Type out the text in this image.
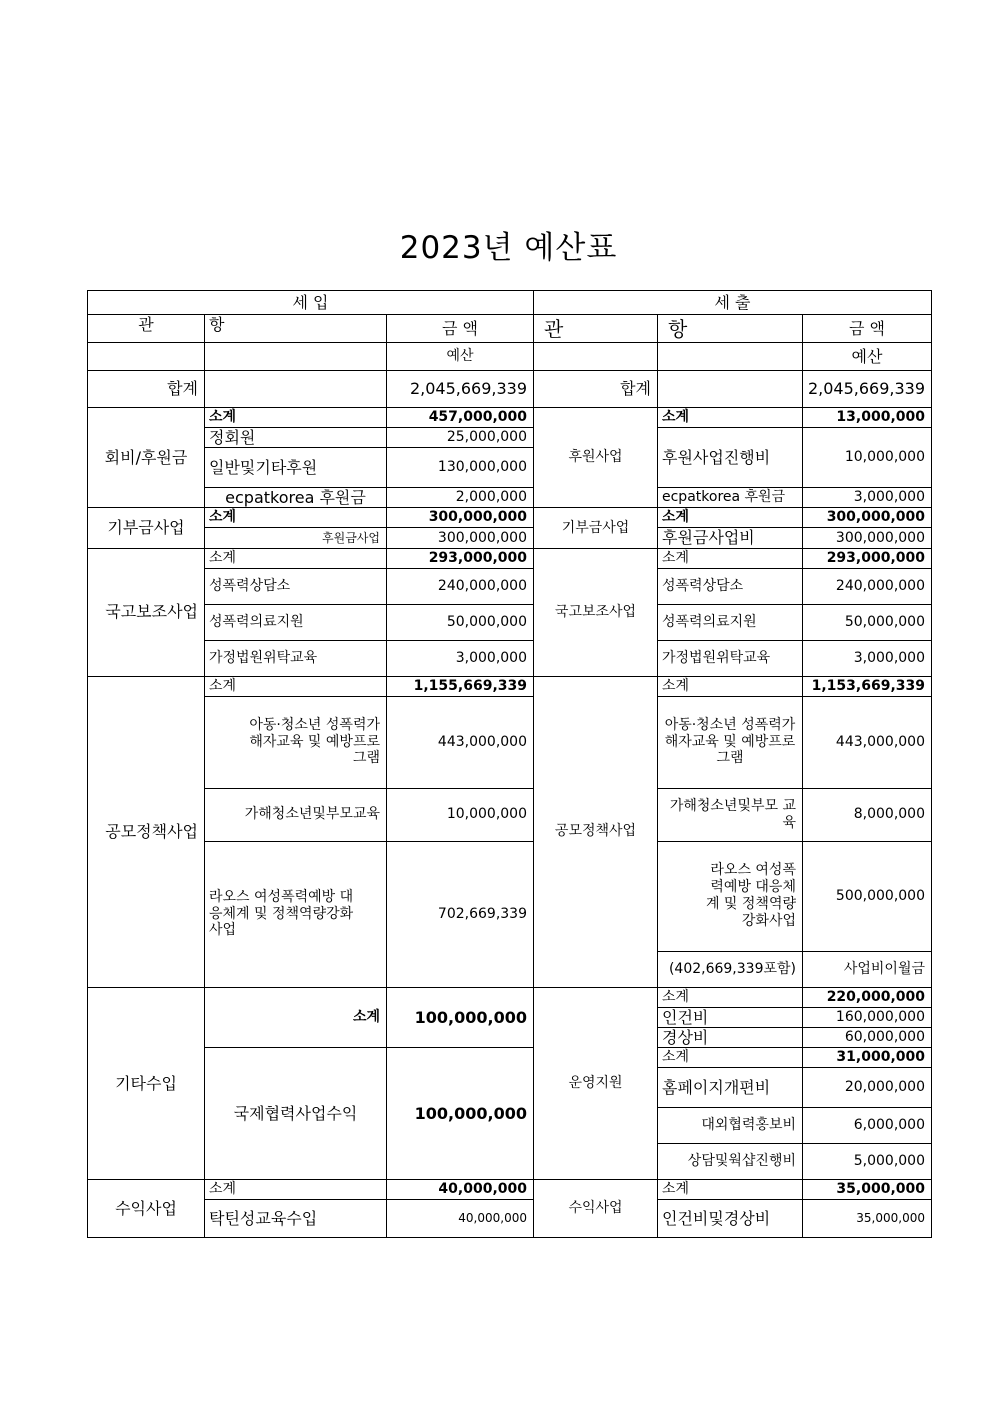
2023년 예산표
세 입			세 출		
관	항	금 액	관	항	금 액
		예산			예산
합계		2,045,669,339	합계		2,045,669,339
회비/후원금	소계	457,000,000	후원사업	소계	13,000,000
	정회원	25,000,000		후원사업진행비	10,000,000
	일반및기타후원	130,000,000			
	ecpatkorea 후원금	2,000,000		ecpatkorea 후원금	3,000,000
기부금사업	소계	300,000,000	기부금사업	소계	300,000,000
	후원금사업	300,000,000		후원금사업비	300,000,000
국고보조사업	소계	293,000,000	국고보조사업	소계	293,000,000
	성폭력상담소	240,000,000		성폭력상담소	240,000,000
	성폭력의료지원	50,000,000		성폭력의료지원	50,000,000
	가정법원위탁교육	3,000,000		가정법원위탁교육	3,000,000
공모정책사업	소계	1,155,669,339	공모정책사업	소계	1,153,669,339
	아동·청소년 성폭력가해자교육 및 예방프로그램	443,000,000		아동·청소년 성폭력가해자교육 및 예방프로그램	443,000,000
	가해청소년및부모교육	10,000,000		가해청소년및부모 교육	8,000,000
	라오스 여성폭력예방 대응체계 및 정책역량강화사업	702,669,339		라오스 여성폭력예방 대응체계 및 정책역량강화사업	500,000,000
				(402,669,339포함)	사업비이월금
기타수입	소계	100,000,000	운영지원	소계	220,000,000
				인건비	160,000,000
				경상비	60,000,000
	국제협력사업수익	100,000,000		소계	31,000,000
				홈페이지개편비	20,000,000
				대외협력홍보비	6,000,000
				상담및웍샵진행비	5,000,000
수익사업	소계	40,000,000	수익사업	소계	35,000,000
	탁틴성교육수입	40,000,000		인건비및경상비	35,000,000
